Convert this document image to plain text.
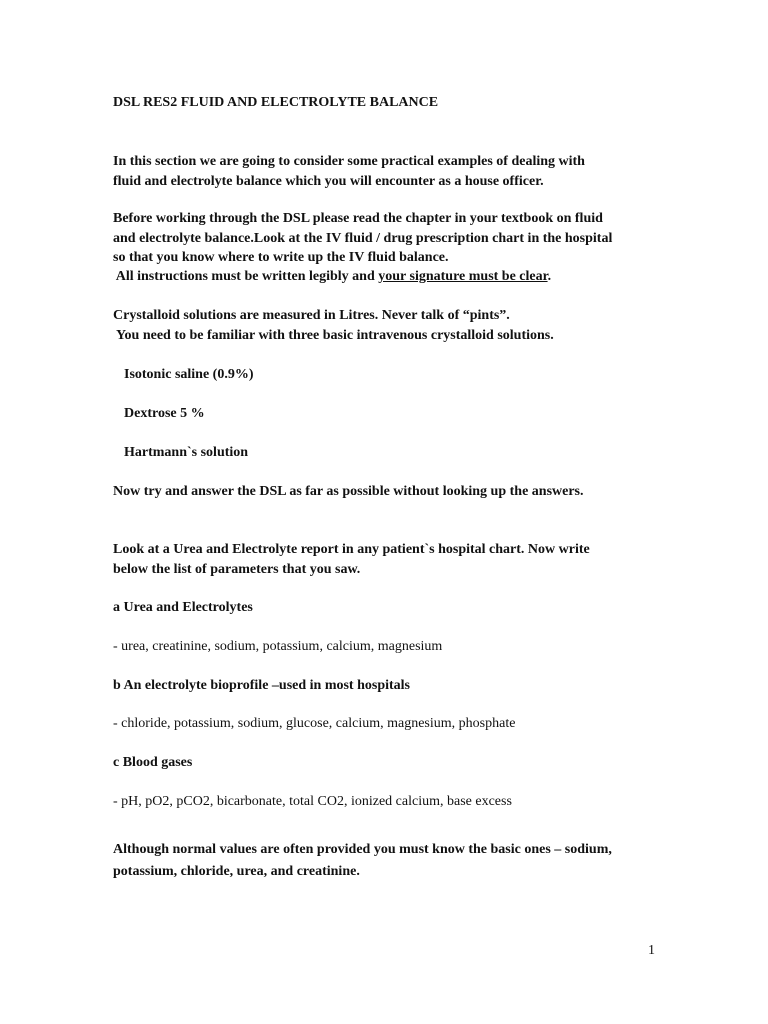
DSL RES2 FLUID AND ELECTROLYTE BALANCE

In this section we are going to consider some practical examples of dealing with

fluid and electrolyte balance which you will encounter as a house officer.

Before working through the DSL please read the chapter in your textbook on fluid

and electrolyte balance.Look at the IV fluid / drug prescription chart in the hospital

so that you know where to write up the IV fluid balance.

All instructions must be written legibly and your signature must be clear.

Crystalloid solutions are measured in Litres. Never talk of “pints”.

You need to be familiar with three basic intravenous crystalloid solutions.

Isotonic saline (0.9%)

Dextrose 5 %

Hartmann`s solution

Now try and answer the DSL as far as possible without looking up the answers.

Look at a Urea and Electrolyte report in any patient`s hospital chart. Now write

below the list of parameters that you saw.

a Urea and Electrolytes

- urea, creatinine, sodium, potassium, calcium, magnesium

b An electrolyte bioprofile –used in most hospitals

- chloride, potassium, sodium, glucose, calcium, magnesium, phosphate

c Blood gases

- pH, pO2, pCO2, bicarbonate, total CO2, ionized calcium, base excess

Although normal values are often provided you must know the basic ones – sodium,

potassium, chloride, urea, and creatinine.

1
